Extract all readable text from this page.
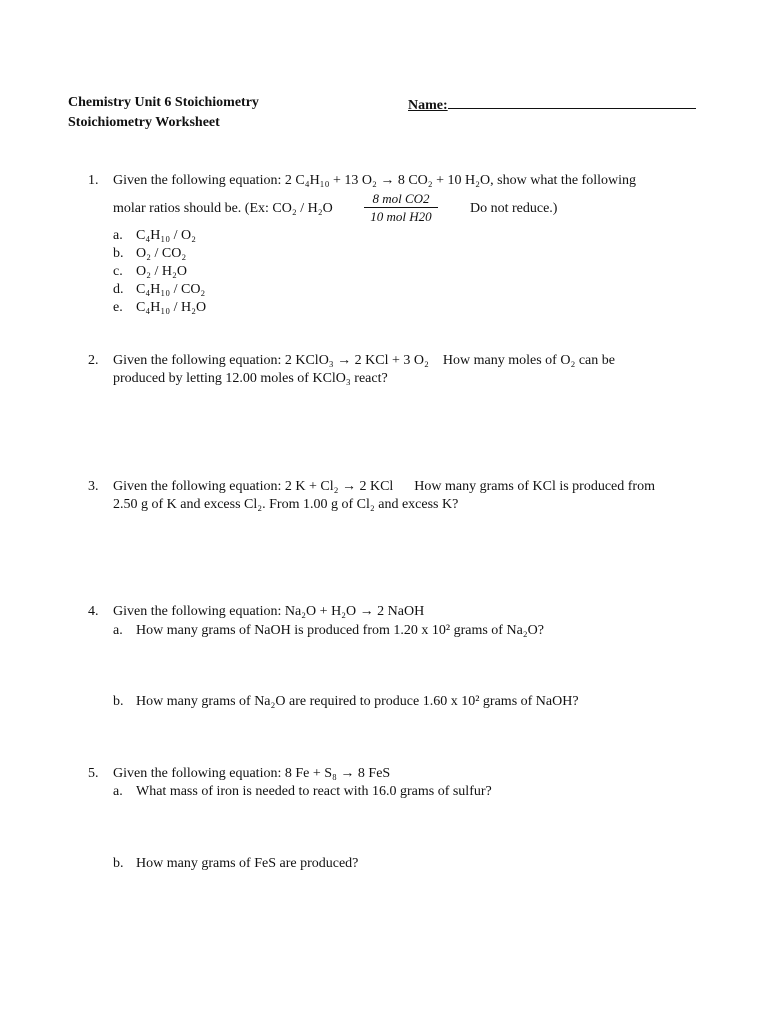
Chemistry Unit 6 Stoichiometry
Stoichiometry Worksheet
Name:
1. Given the following equation: 2 C₄H₁₀ + 13 O₂ → 8 CO₂ + 10 H₂O, show what the following
molar ratios should be. (Ex: CO₂ / H₂O
8 mol CO2
10 mol H20
Do not reduce.)
a. C₄H₁₀ / O₂
b. O₂ / CO₂
c. O₂ / H₂O
d. C₄H₁₀ / CO₂
e. C₄H₁₀ / H₂O
2. Given the following equation: 2 KClO₃ → 2 KCl + 3 O₂    How many moles of O₂ can be
produced by letting 12.00 moles of KClO₃ react?
3. Given the following equation: 2 K + Cl₂ → 2 KCl      How many grams of KCl is produced from
2.50 g of K and excess Cl₂. From 1.00 g of Cl₂ and excess K?
4. Given the following equation: Na₂O + H₂O → 2 NaOH
a. How many grams of NaOH is produced from 1.20 x 10² grams of Na₂O?
b. How many grams of Na₂O are required to produce 1.60 x 10² grams of NaOH?
5. Given the following equation: 8 Fe + S₈ → 8 FeS
a. What mass of iron is needed to react with 16.0 grams of sulfur?
b. How many grams of FeS are produced?
